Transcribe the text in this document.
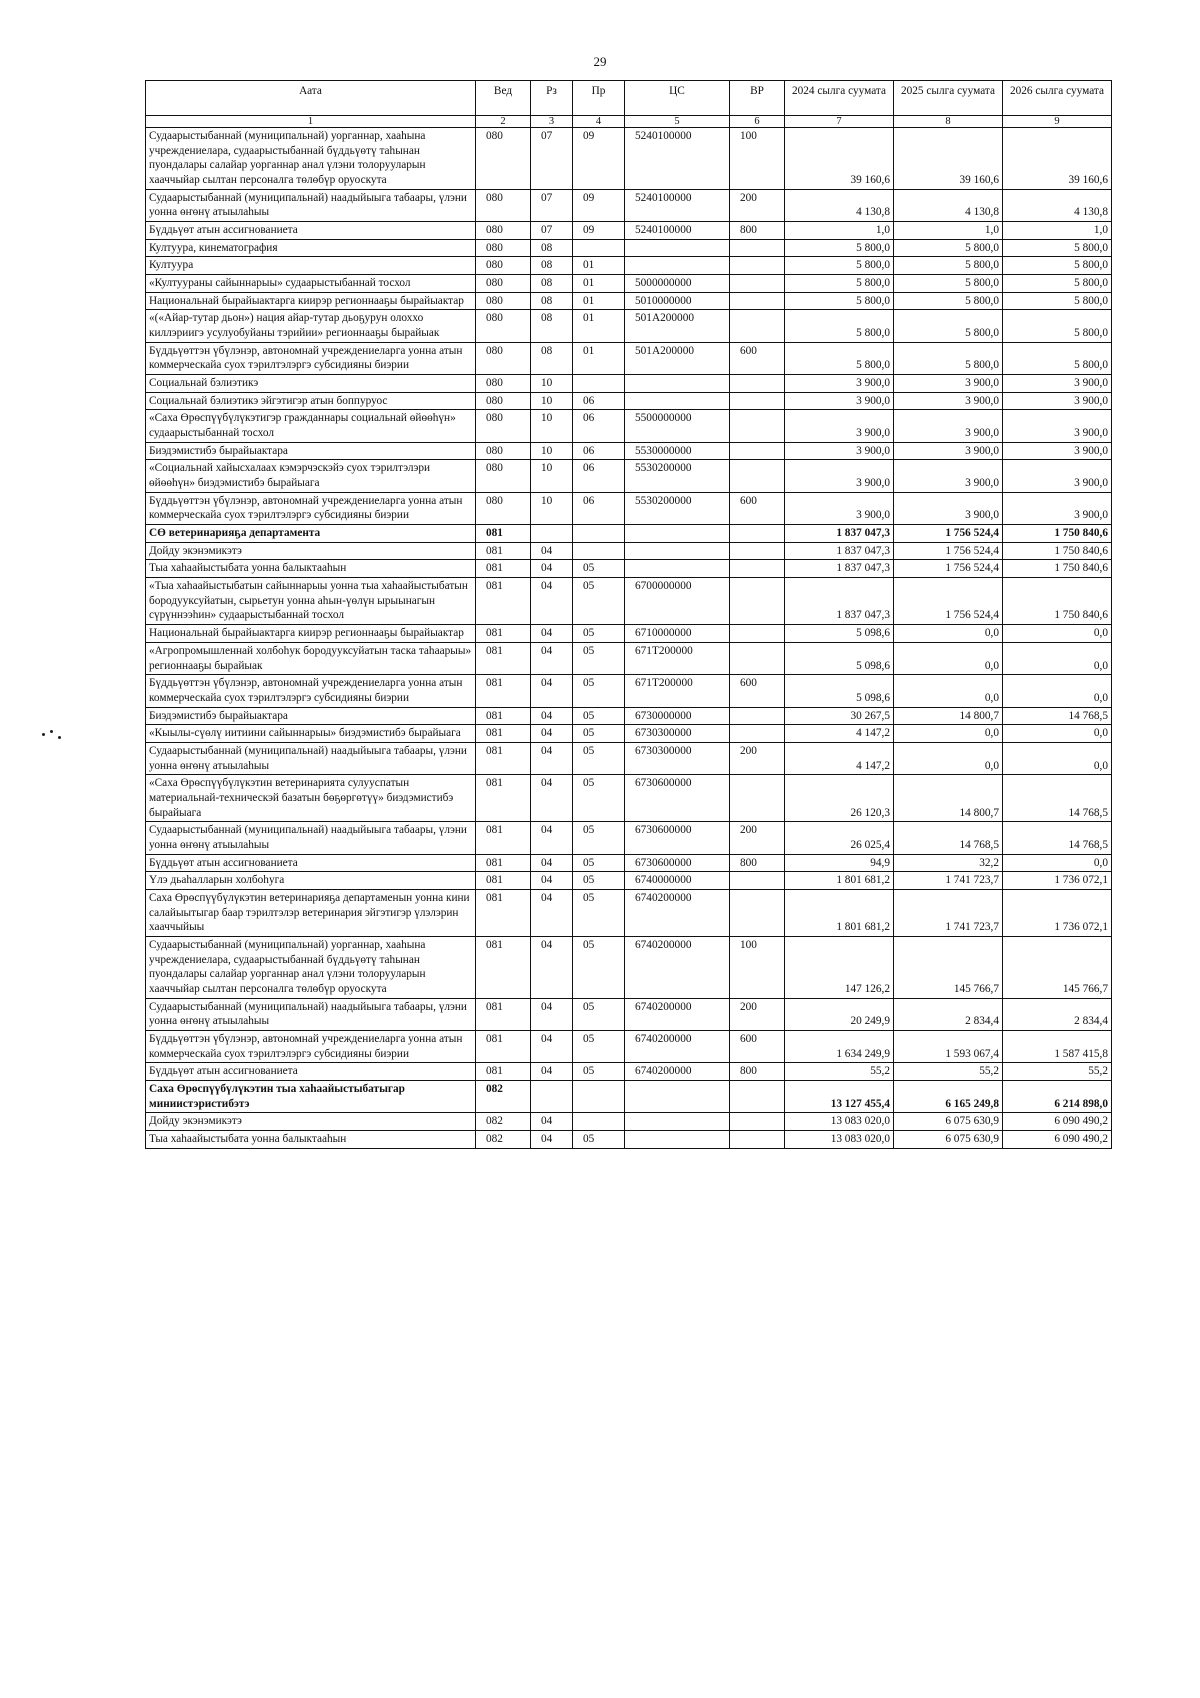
29
Аата	Вед	Рз	Пр	ЦС	ВР	2024 сылга суумата	2025 сылга суумата	2026 сылга суумата
1	2	3	4	5	6	7	8	9
Судаарыстыбаннай (муниципальнай) уорганнар, хааһына учреждениелара, судаарыстыбаннай бүддьүөтү таһынан пуондалары салайар уорганнар анал үлэни толорууларын хааччыйар сылтан персоналга төлөбүр оруоскута	080	07	09	5240100000	100	39 160,6	39 160,6	39 160,6
Судаарыстыбаннай (муниципальнай) наадыйыыга табаары, үлэни уонна өҥөнү атыылаһыы	080	07	09	5240100000	200	4 130,8	4 130,8	4 130,8
Бүддьүөт атын ассигнованиета	080	07	09	5240100000	800	1,0	1,0	1,0
Култуура, кинематография	080	08				5 800,0	5 800,0	5 800,0
Култуура	080	08	01			5 800,0	5 800,0	5 800,0
«Култуураны сайыннарыы» судаарыстыбаннай тосхол	080	08	01	5000000000		5 800,0	5 800,0	5 800,0
Национальнай бырайыактарга киирэр регионнааҕы бырайыактар	080	08	01	5010000000		5 800,0	5 800,0	5 800,0
«(«Айар-тутар дьон») нация айар-тутар дьоҕурун олоххо киллэриигэ усулуобуйаны тэрийии» регионнааҕы бырайыак	080	08	01	501А200000		5 800,0	5 800,0	5 800,0
Бүддьүөттэн үбүлэнэр, автономнай учреждениеларга уонна атын коммерческайа суох тэрилтэлэргэ субсидияны биэрии	080	08	01	501А200000	600	5 800,0	5 800,0	5 800,0
Социальнай бэлиэтикэ	080	10				3 900,0	3 900,0	3 900,0
Социальнай бэлиэтикэ эйгэтигэр атын боппуруос	080	10	06			3 900,0	3 900,0	3 900,0
«Саха Өрөспүүбүлүкэтигэр гражданнары социальнай өйөөһүн» судаарыстыбаннай тосхол	080	10	06	5500000000		3 900,0	3 900,0	3 900,0
Биэдэмистибэ бырайыактара	080	10	06	5530000000		3 900,0	3 900,0	3 900,0
«Социальнай хайысхалаах кэмэрчэскэйэ суох тэрилтэлэри өйөөһүн» биэдэмистибэ бырайыага	080	10	06	5530200000		3 900,0	3 900,0	3 900,0
Бүддьүөттэн үбүлэнэр, автономнай учреждениеларга уонна атын коммерческайа суох тэрилтэлэргэ субсидияны биэрии	080	10	06	5530200000	600	3 900,0	3 900,0	3 900,0
СӨ ветеринарияҕа департамента	081					1 837 047,3	1 756 524,4	1 750 840,6
Дойду экэнэмикэтэ	081	04				1 837 047,3	1 756 524,4	1 750 840,6
Тыа хаһаайыстыбата уонна балыктааһын	081	04	05			1 837 047,3	1 756 524,4	1 750 840,6
«Тыа хаһаайыстыбатын сайыннарыы уонна тыа хаһаайыстыбатын бородууксуйатын, сырьетун уонна аһын-үөлүн ырыынагын сүрүннээһин» судаарыстыбаннай тосхол	081	04	05	6700000000		1 837 047,3	1 756 524,4	1 750 840,6
Национальнай бырайыактарга киирэр регионнааҕы бырайыактар	081	04	05	6710000000		5 098,6	0,0	0,0
«Агропромышленнай холбоһук бородууксуйатын таска таһаарыы» регионнааҕы бырайыак	081	04	05	671T200000		5 098,6	0,0	0,0
Бүддьүөттэн үбүлэнэр, автономнай учреждениеларга уонна атын коммерческайа суох тэрилтэлэргэ субсидияны биэрии	081	04	05	671T200000	600	5 098,6	0,0	0,0
Биэдэмистибэ бырайыактара	081	04	05	6730000000		30 267,5	14 800,7	14 768,5
«Кыылы-сүөлү иитиини сайыннарыы» биэдэмистибэ бырайыага	081	04	05	6730300000		4 147,2	0,0	0,0
Судаарыстыбаннай (муниципальнай) наадыйыыга табаары, үлэни уонна өҥөнү атыылаһыы	081	04	05	6730300000	200	4 147,2	0,0	0,0
«Саха Өрөспүүбүлүкэтин ветеринарията сулууспатын материальнай-техническэй базатын бөҕөргөтүү» биэдэмистибэ бырайыага	081	04	05	6730600000		26 120,3	14 800,7	14 768,5
Судаарыстыбаннай (муниципальнай) наадыйыыга табаары, үлэни уонна өҥөнү атыылаһыы	081	04	05	6730600000	200	26 025,4	14 768,5	14 768,5
Бүддьүөт атын ассигнованиета	081	04	05	6730600000	800	94,9	32,2	0,0
Үлэ дьаһалларын холбоһуга	081	04	05	6740000000		1 801 681,2	1 741 723,7	1 736 072,1
Саха Өрөспүүбүлүкэтин ветеринарияҕа департаменын уонна кини салайыытыгар баар тэрилтэлэр ветеринария эйгэтигэр үлэлэрин хааччыйыы	081	04	05	6740200000		1 801 681,2	1 741 723,7	1 736 072,1
Судаарыстыбаннай (муниципальнай) уорганнар, хааһына учреждениелара, судаарыстыбаннай бүддьүөтү таһынан пуондалары салайар уорганнар анал үлэни толорууларын хааччыйар сылтан персоналга төлөбүр оруоскута	081	04	05	6740200000	100	147 126,2	145 766,7	145 766,7
Судаарыстыбаннай (муниципальнай) наадыйыыга табаары, үлэни уонна өҥөнү атыылаһыы	081	04	05	6740200000	200	20 249,9	2 834,4	2 834,4
Бүддьүөттэн үбүлэнэр, автономнай учреждениеларга уонна атын коммерческайа суох тэрилтэлэргэ субсидияны биэрии	081	04	05	6740200000	600	1 634 249,9	1 593 067,4	1 587 415,8
Бүддьүөт атын ассигнованиета	081	04	05	6740200000	800	55,2	55,2	55,2
Саха Өрөспүүбүлүкэтин тыа хаһаайыстыбатыгар миниистэристибэтэ	082					13 127 455,4	6 165 249,8	6 214 898,0
Дойду экэнэмикэтэ	082	04				13 083 020,0	6 075 630,9	6 090 490,2
Тыа хаһаайыстыбата уонна балыктааһын	082	04	05			13 083 020,0	6 075 630,9	6 090 490,2
